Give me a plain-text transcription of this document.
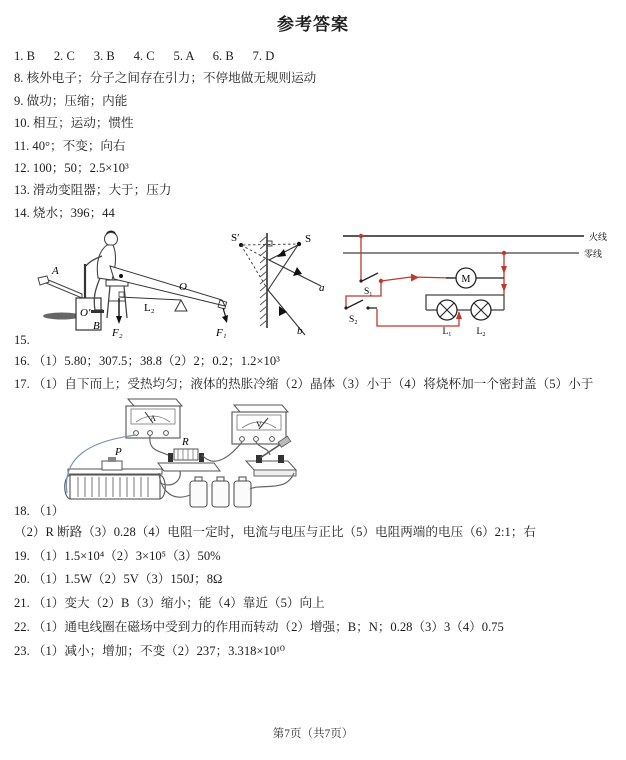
参考答案
1. B      2. C      3. B      4. C      5. A      6. B      7. D
8. 核外电子；分子之间存在引力；不停地做无规则运动
9. 做功；压缩；内能
10. 相互；运动；惯性
11. 40°；不变；向右
12. 100；50；2.5×10³
13. 滑动变阻器；大于；压力
14. 烧水；396；44
15.
A
O′
B
O
L₂
F₂	F₁
S′	S
a
b
火线
零线
S₁
M
S₂
L₁	L₂
16. （1）5.80；307.5；38.8（2）2；0.2；1.2×10³
17. （1）自下而上；受热均匀；液体的热胀冷缩（2）晶体（3）小于（4）将烧杯加一个密封盖（5）小于
A
V
R
P
18. （1）
（2）R 断路（3）0.28（4）电阻一定时，电流与电压与正比（5）电阻两端的电压（6）2:1；右
19. （1）1.5×10⁴（2）3×10⁵（3）50%
20. （1）1.5W（2）5V（3）150J；8Ω
21. （1）变大（2）B（3）缩小；能（4）靠近（5）向上
22. （1）通电线圈在磁场中受到力的作用而转动（2）增强；B；N；0.28（3）3（4）0.75
23. （1）减小；增加；不变（2）237；3.318×10¹⁰
第7页（共7页）
